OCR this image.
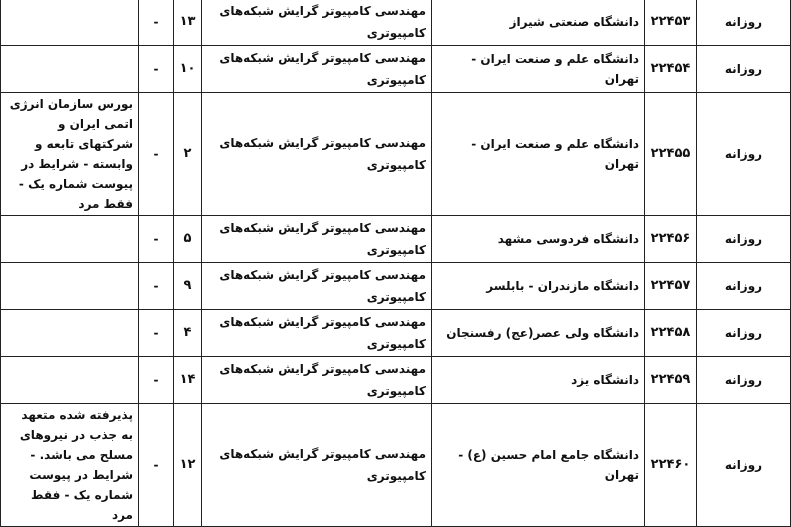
روزانه	۲۲۴۵۳	دانشگاه صنعتی شیراز	مهندسی کامپیوتر گرایش شبکه‌های کامپیوتری	۱۳	-	
روزانه	۲۲۴۵۴	دانشگاه علم و صنعت ایران - تهران	مهندسی کامپیوتر گرایش شبکه‌های کامپیوتری	۱۰	-	
روزانه	۲۲۴۵۵	دانشگاه علم و صنعت ایران - تهران	مهندسی کامپیوتر گرایش شبکه‌های کامپیوتری	۲	-	بورس سازمان انرژی اتمی ایران و شرکتهای تابعه و وابسته - شرایط در پیوست شماره یک - فقط مرد
روزانه	۲۲۴۵۶	دانشگاه فردوسی مشهد	مهندسی کامپیوتر گرایش شبکه‌های کامپیوتری	۵	-	
روزانه	۲۲۴۵۷	دانشگاه مازندران - بابلسر	مهندسی کامپیوتر گرایش شبکه‌های کامپیوتری	۹	-	
روزانه	۲۲۴۵۸	دانشگاه ولی عصر(عج) رفسنجان	مهندسی کامپیوتر گرایش شبکه‌های کامپیوتری	۴	-	
روزانه	۲۲۴۵۹	دانشگاه یزد	مهندسی کامپیوتر گرایش شبکه‌های کامپیوتری	۱۴	-	
روزانه	۲۲۴۶۰	دانشگاه جامع امام حسین (ع) - تهران	مهندسی کامپیوتر گرایش شبکه‌های کامپیوتری	۱۲	-	پذیرفته شده متعهد به جذب در نیروهای مسلح می باشد. - شرایط در پیوست شماره یک - فقط مرد
